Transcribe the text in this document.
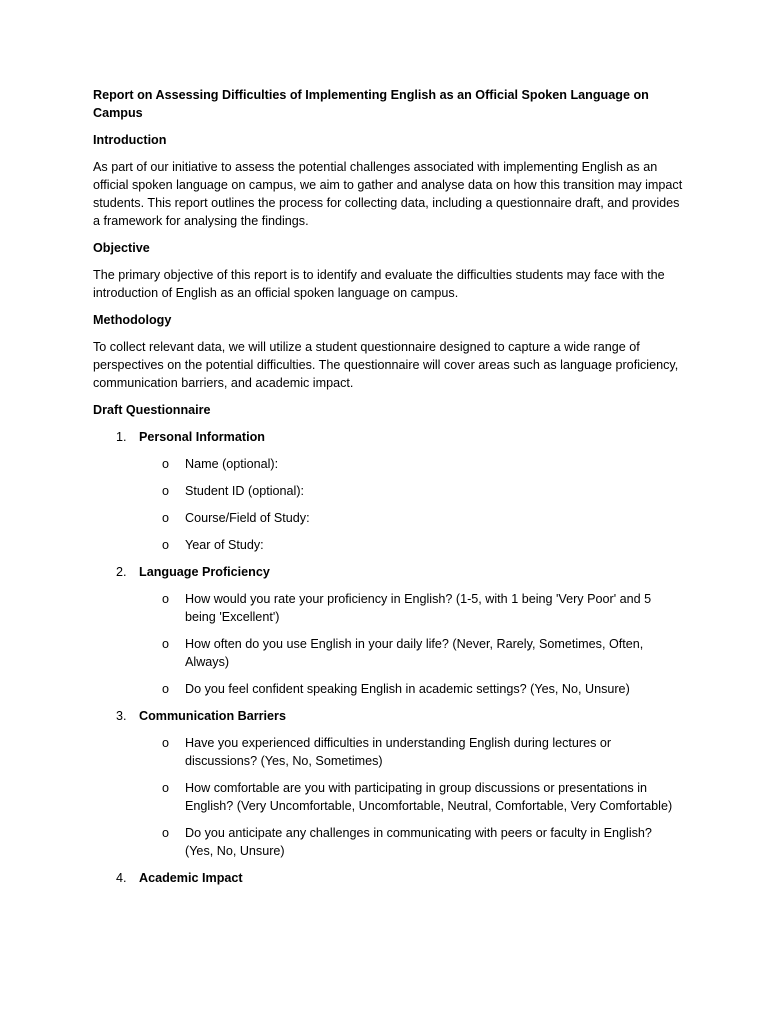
Report on Assessing Difficulties of Implementing English as an Official Spoken Language on Campus

Introduction

As part of our initiative to assess the potential challenges associated with implementing English as an official spoken language on campus, we aim to gather and analyse data on how this transition may impact students. This report outlines the process for collecting data, including a questionnaire draft, and provides a framework for analysing the findings.

Objective

The primary objective of this report is to identify and evaluate the difficulties students may face with the introduction of English as an official spoken language on campus.

Methodology

To collect relevant data, we will utilize a student questionnaire designed to capture a wide range of perspectives on the potential difficulties. The questionnaire will cover areas such as language proficiency, communication barriers, and academic impact.

Draft Questionnaire

1. Personal Information

o Name (optional):
o Student ID (optional):
o Course/Field of Study:
o Year of Study:
2. Language Proficiency

o How would you rate your proficiency in English? (1-5, with 1 being 'Very Poor' and 5 being 'Excellent')
o How often do you use English in your daily life? (Never, Rarely, Sometimes, Often, Always)
o Do you feel confident speaking English in academic settings? (Yes, No, Unsure)
3. Communication Barriers

o Have you experienced difficulties in understanding English during lectures or discussions? (Yes, No, Sometimes)
o How comfortable are you with participating in group discussions or presentations in English? (Very Uncomfortable, Uncomfortable, Neutral, Comfortable, Very Comfortable)
o Do you anticipate any challenges in communicating with peers or faculty in English? (Yes, No, Unsure)
4. Academic Impact
